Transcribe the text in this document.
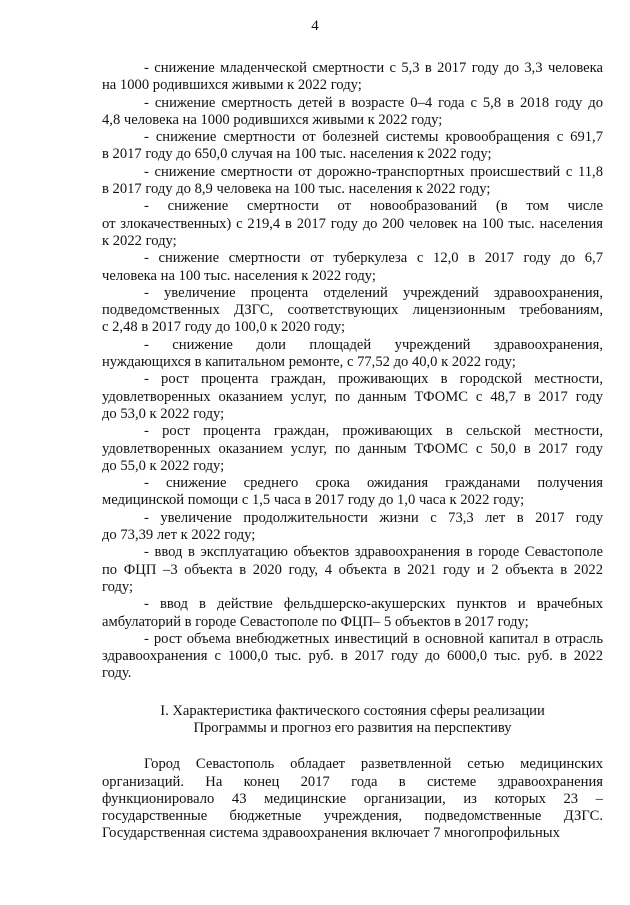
4
- снижение младенческой смертности с 5,3 в 2017 году до 3,3 человека
на 1000 родившихся живыми к 2022 году;
- снижение смертность детей в возрасте 0–4 года с 5,8 в 2018 году до
4,8 человека на 1000 родившихся живыми к 2022 году;
- снижение смертности от болезней системы кровообращения с 691,7
в 2017 году до 650,0 случая на 100 тыс. населения к 2022 году;
- снижение смертности от дорожно-транспортных происшествий с 11,8
в 2017 году до 8,9 человека на 100 тыс. населения к 2022 году;
- снижение смертности от новообразований (в том числе
от злокачественных) с 219,4 в 2017 году до 200 человек на 100 тыс. населения
к 2022 году;
- снижение смертности от туберкулеза с 12,0 в 2017 году до 6,7
человека на 100 тыс. населения к 2022 году;
- увеличение процента отделений учреждений здравоохранения,
подведомственных ДЗГС, соответствующих лицензионным требованиям,
с 2,48 в 2017 году до 100,0 к 2020 году;
- снижение доли площадей учреждений здравоохранения,
нуждающихся в капитальном ремонте, с 77,52 до 40,0 к 2022 году;
- рост процента граждан, проживающих в городской местности,
удовлетворенных оказанием услуг, по данным ТФОМС с 48,7 в 2017 году
до 53,0 к 2022 году;
- рост процента граждан, проживающих в сельской местности,
удовлетворенных оказанием услуг, по данным ТФОМС с 50,0 в 2017 году
до 55,0 к 2022 году;
- снижение среднего срока ожидания гражданами получения
медицинской помощи с 1,5 часа в 2017 году до 1,0 часа к 2022 году;
- увеличение продолжительности жизни с 73,3 лет в 2017 году
до 73,39 лет к 2022 году;
- ввод в эксплуатацию объектов здравоохранения в городе Севастополе
по ФЦП –3 объекта в 2020 году, 4 объекта в 2021 году и 2 объекта в 2022
году;
- ввод в действие фельдшерско-акушерских пунктов и врачебных
амбулаторий в городе Севастополе по ФЦП– 5 объектов в 2017 году;
- рост объема внебюджетных инвестиций в основной капитал в отрасль
здравоохранения с 1000,0 тыс. руб. в 2017 году до 6000,0 тыс. руб. в 2022
году.
I. Характеристика фактического состояния сферы реализации
Программы и прогноз его развития на перспективу
Город Севастополь обладает разветвленной сетью медицинских
организаций. На конец 2017 года в системе здравоохранения
функционировало 43 медицинские организации, из которых 23 –
государственные бюджетные учреждения, подведомственные ДЗГС.
Государственная система здравоохранения включает 7 многопрофильных
